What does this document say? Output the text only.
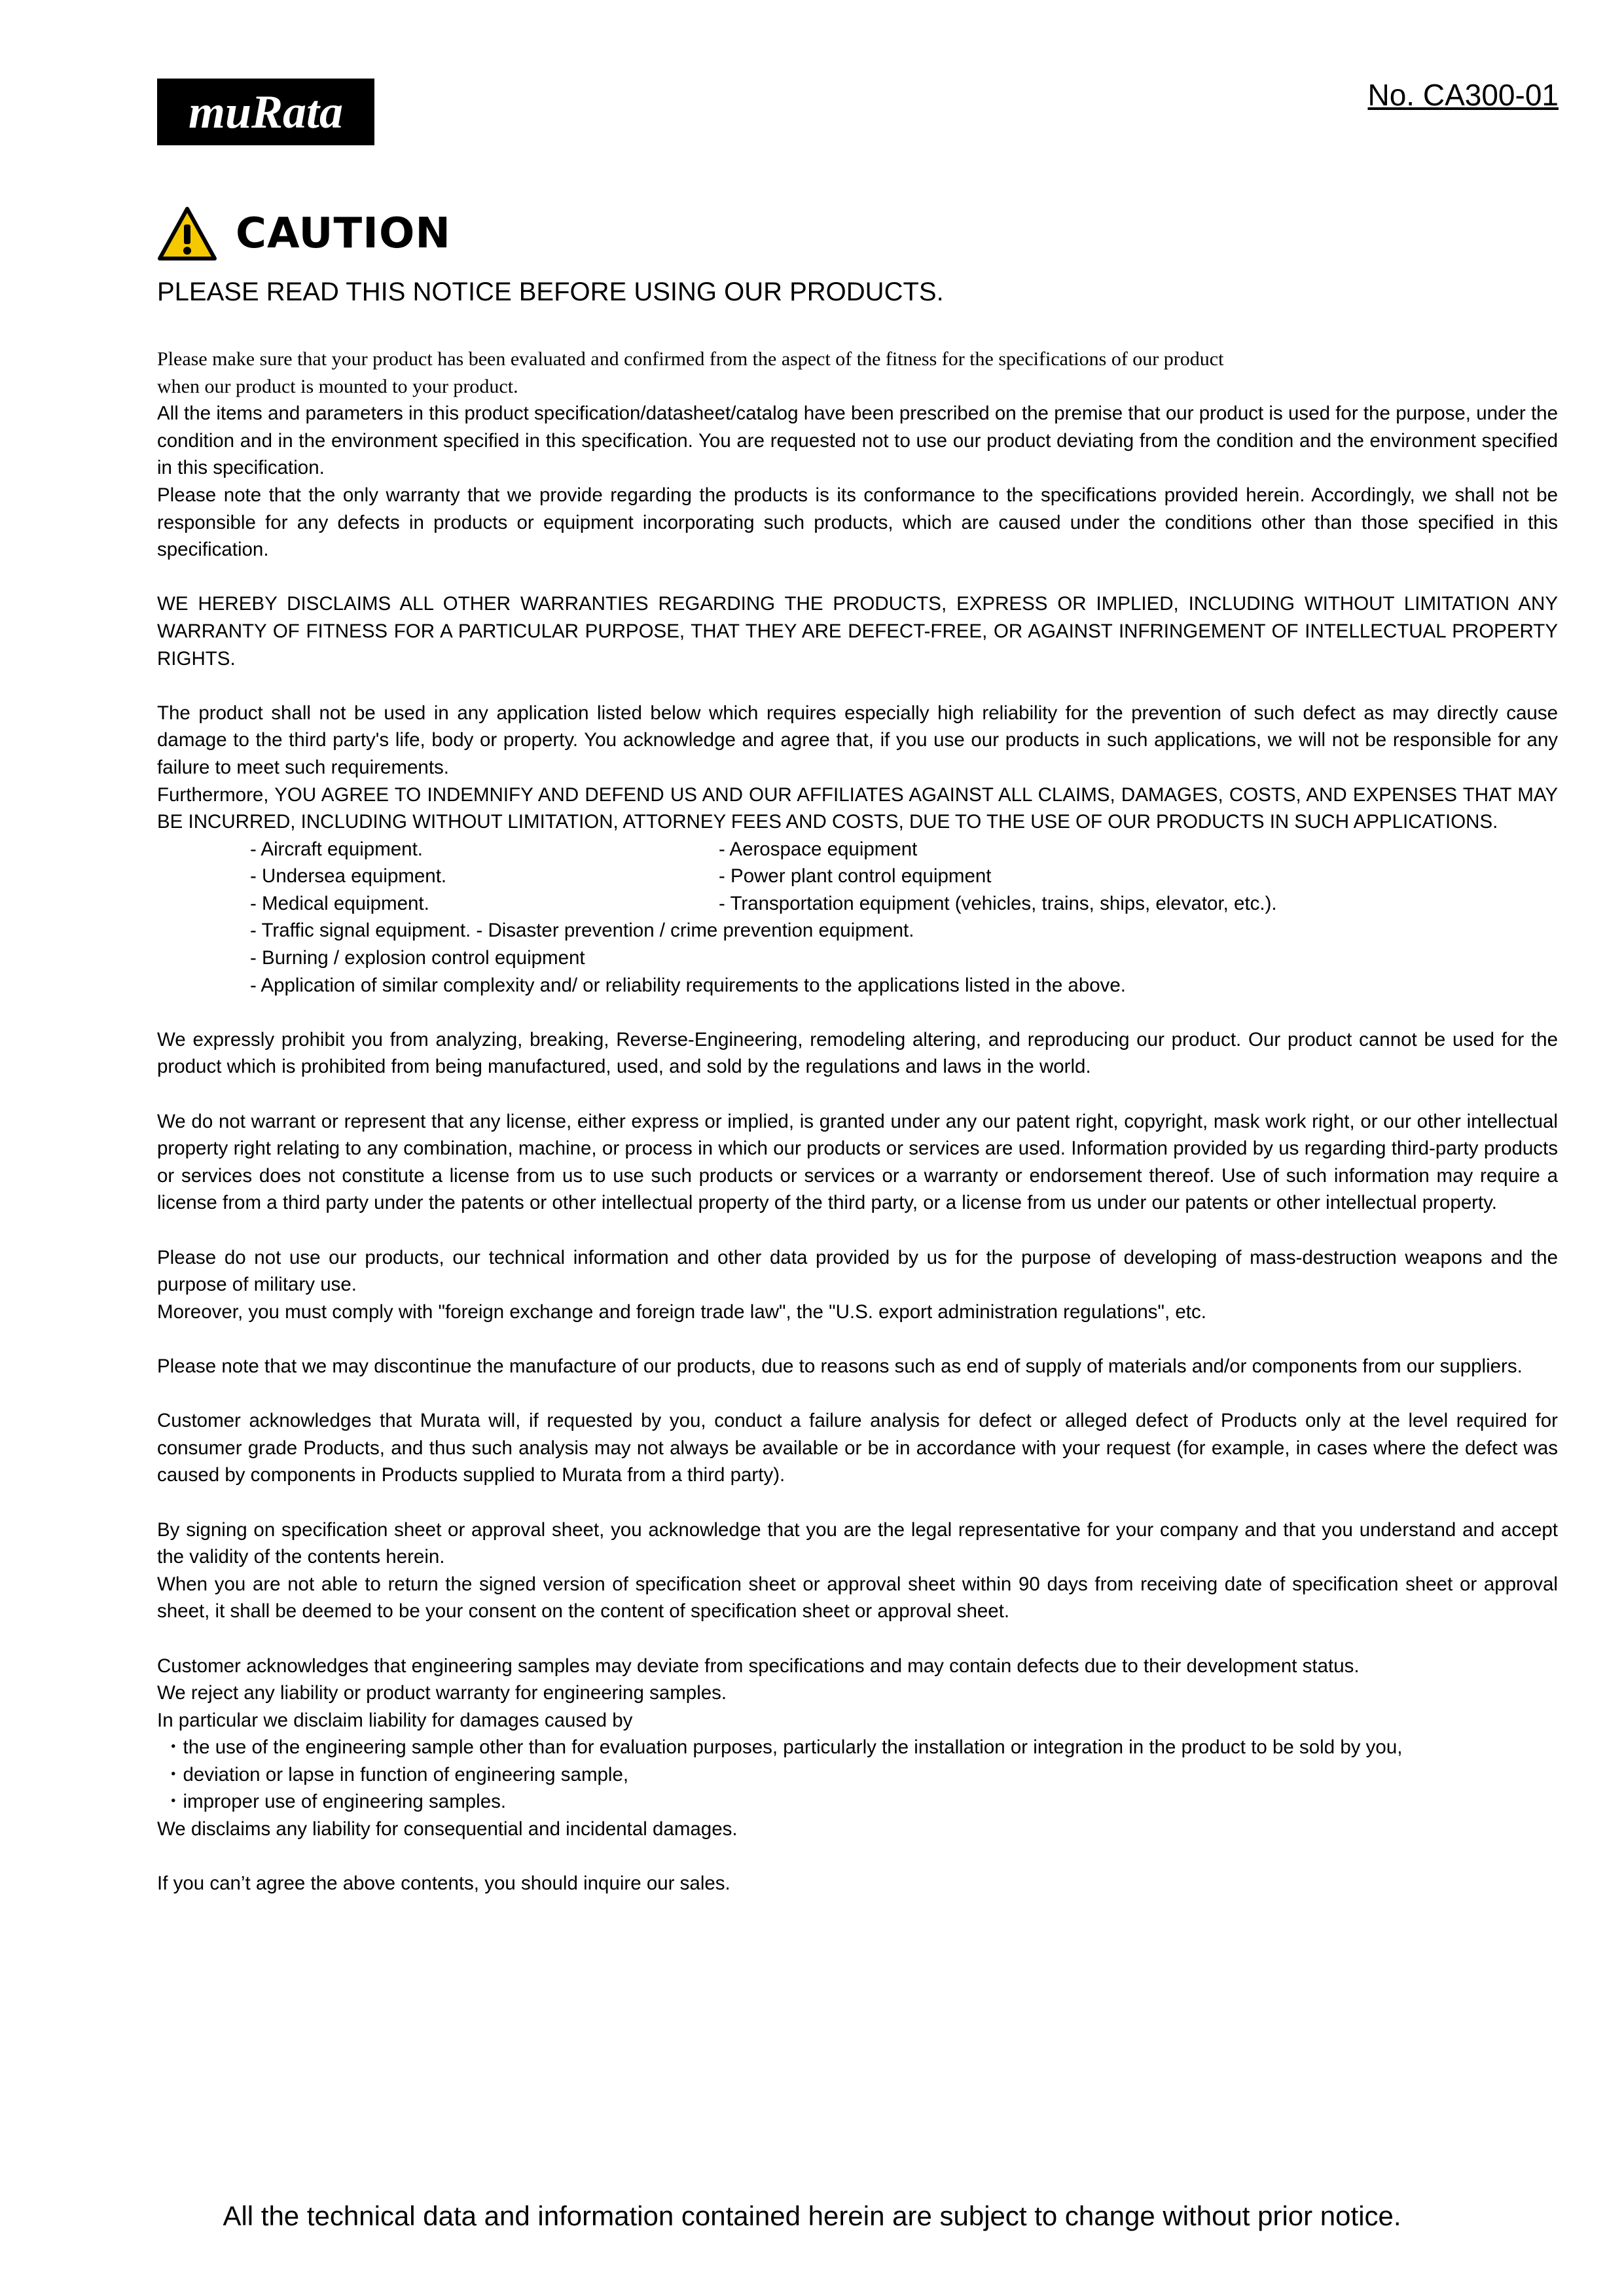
muRata	No. CA300-01
CAUTION
PLEASE READ THIS NOTICE BEFORE USING OUR PRODUCTS.

Please make sure that your product has been evaluated and confirmed from the aspect of the fitness for the specifications of our product

when our product is mounted to your product.

All the items and parameters in this product specification/datasheet/catalog have been prescribed on the premise that our product is used for the purpose, under the condition and in the environment specified in this specification. You are requested not to use our product deviating from the condition and the environment specified in this specification.

Please note that the only warranty that we provide regarding the products is its conformance to the specifications provided herein. Accordingly, we shall not be responsible for any defects in products or equipment incorporating such products, which are caused under the conditions other than those specified in this specification.

WE HEREBY DISCLAIMS ALL OTHER WARRANTIES REGARDING THE PRODUCTS, EXPRESS OR IMPLIED, INCLUDING WITHOUT LIMITATION ANY WARRANTY OF FITNESS FOR A PARTICULAR PURPOSE, THAT THEY ARE DEFECT-FREE, OR AGAINST INFRINGEMENT OF INTELLECTUAL PROPERTY RIGHTS.

The product shall not be used in any application listed below which requires especially high reliability for the prevention of such defect as may directly cause damage to the third party's life, body or property. You acknowledge and agree that, if you use our products in such applications, we will not be responsible for any failure to meet such requirements.

Furthermore, YOU AGREE TO INDEMNIFY AND DEFEND US AND OUR AFFILIATES AGAINST ALL CLAIMS, DAMAGES, COSTS, AND EXPENSES THAT MAY BE INCURRED, INCLUDING WITHOUT LIMITATION, ATTORNEY FEES AND COSTS, DUE TO THE USE OF OUR PRODUCTS IN SUCH APPLICATIONS.

- Aircraft equipment.	- Aerospace equipment
- Undersea equipment.	- Power plant control equipment
- Medical equipment.	- Transportation equipment (vehicles, trains, ships, elevator, etc.).
- Traffic signal equipment. - Disaster prevention / crime prevention equipment.
- Burning / explosion control equipment
- Application of similar complexity and/ or reliability requirements to the applications listed in the above.

We expressly prohibit you from analyzing, breaking, Reverse-Engineering, remodeling altering, and reproducing our product. Our product cannot be used for the product which is prohibited from being manufactured, used, and sold by the regulations and laws in the world.

We do not warrant or represent that any license, either express or implied, is granted under any our patent right, copyright, mask work right, or our other intellectual property right relating to any combination, machine, or process in which our products or services are used. Information provided by us regarding third-party products or services does not constitute a license from us to use such products or services or a warranty or endorsement thereof. Use of such information may require a license from a third party under the patents or other intellectual property of the third party, or a license from us under our patents or other intellectual property.

Please do not use our products, our technical information and other data provided by us for the purpose of developing of mass-destruction weapons and the purpose of military use.

Moreover, you must comply with "foreign exchange and foreign trade law", the "U.S. export administration regulations", etc.

Please note that we may discontinue the manufacture of our products, due to reasons such as end of supply of materials and/or components from our suppliers.

Customer acknowledges that Murata will, if requested by you, conduct a failure analysis for defect or alleged defect of Products only at the level required for consumer grade Products, and thus such analysis may not always be available or be in accordance with your request (for example, in cases where the defect was caused by components in Products supplied to Murata from a third party).

By signing on specification sheet or approval sheet, you acknowledge that you are the legal representative for your company and that you understand and accept the validity of the contents herein.

When you are not able to return the signed version of specification sheet or approval sheet within 90 days from receiving date of specification sheet or approval sheet, it shall be deemed to be your consent on the content of specification sheet or approval sheet.

Customer acknowledges that engineering samples may deviate from specifications and may contain defects due to their development status.

We reject any liability or product warranty for engineering samples.

In particular we disclaim liability for damages caused by

・the use of the engineering sample other than for evaluation purposes, particularly the installation or integration in the product to be sold by you,

・deviation or lapse in function of engineering sample,

・improper use of engineering samples.

We disclaims any liability for consequential and incidental damages.

If you can’t agree the above contents, you should inquire our sales.

All the technical data and information contained herein are subject to change without prior notice.
